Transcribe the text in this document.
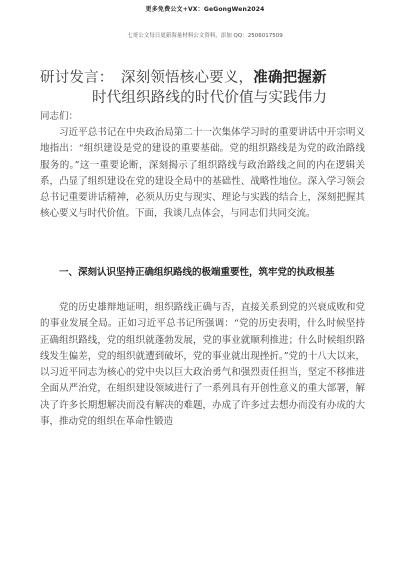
更多免费公文+VX：GeGongWen2024
七哥公文每日更新海量材料公文资料，添加 QQ：2506017509
研讨发言：　深刻领悟核心要义，准确把握新
时代组织路线的时代价值与实践伟力
同志们：

习近平总书记在中央政治局第二十一次集体学习时的重要讲话中开宗明义地指出：“组织建设是党的建设的重要基础。党的组织路线是为党的政治路线服务的。”这一重要论断，深刻揭示了组织路线与政治路线之间的内在逻辑关系，凸显了组织建设在党的建设全局中的基础性、战略性地位。深入学习领会总书记重要讲话精神，必须从历史与现实、理论与实践的结合上，深刻把握其核心要义与时代价值。下面，我谈几点体会，与同志们共同交流。

一、深刻认识坚持正确组织路线的极端重要性，筑牢党的执政根基

党的历史雄辩地证明，组织路线正确与否，直接关系到党的兴衰成败和党的事业发展全局。正如习近平总书记所强调：“党的历史表明，什么时候坚持正确组织路线，党的组织就蓬勃发展，党的事业就顺利推进；什么时候组织路线发生偏差，党的组织就遭到破坏，党的事业就出现挫折。”党的十八大以来，以习近平同志为核心的党中央以巨大政治勇气和强烈责任担当，坚定不移推进全面从严治党，在组织建设领域进行了一系列具有开创性意义的重大部署，解决了许多长期想解决而没有解决的难题，办成了许多过去想办而没有办成的大事，推动党的组织在革命性锻造
